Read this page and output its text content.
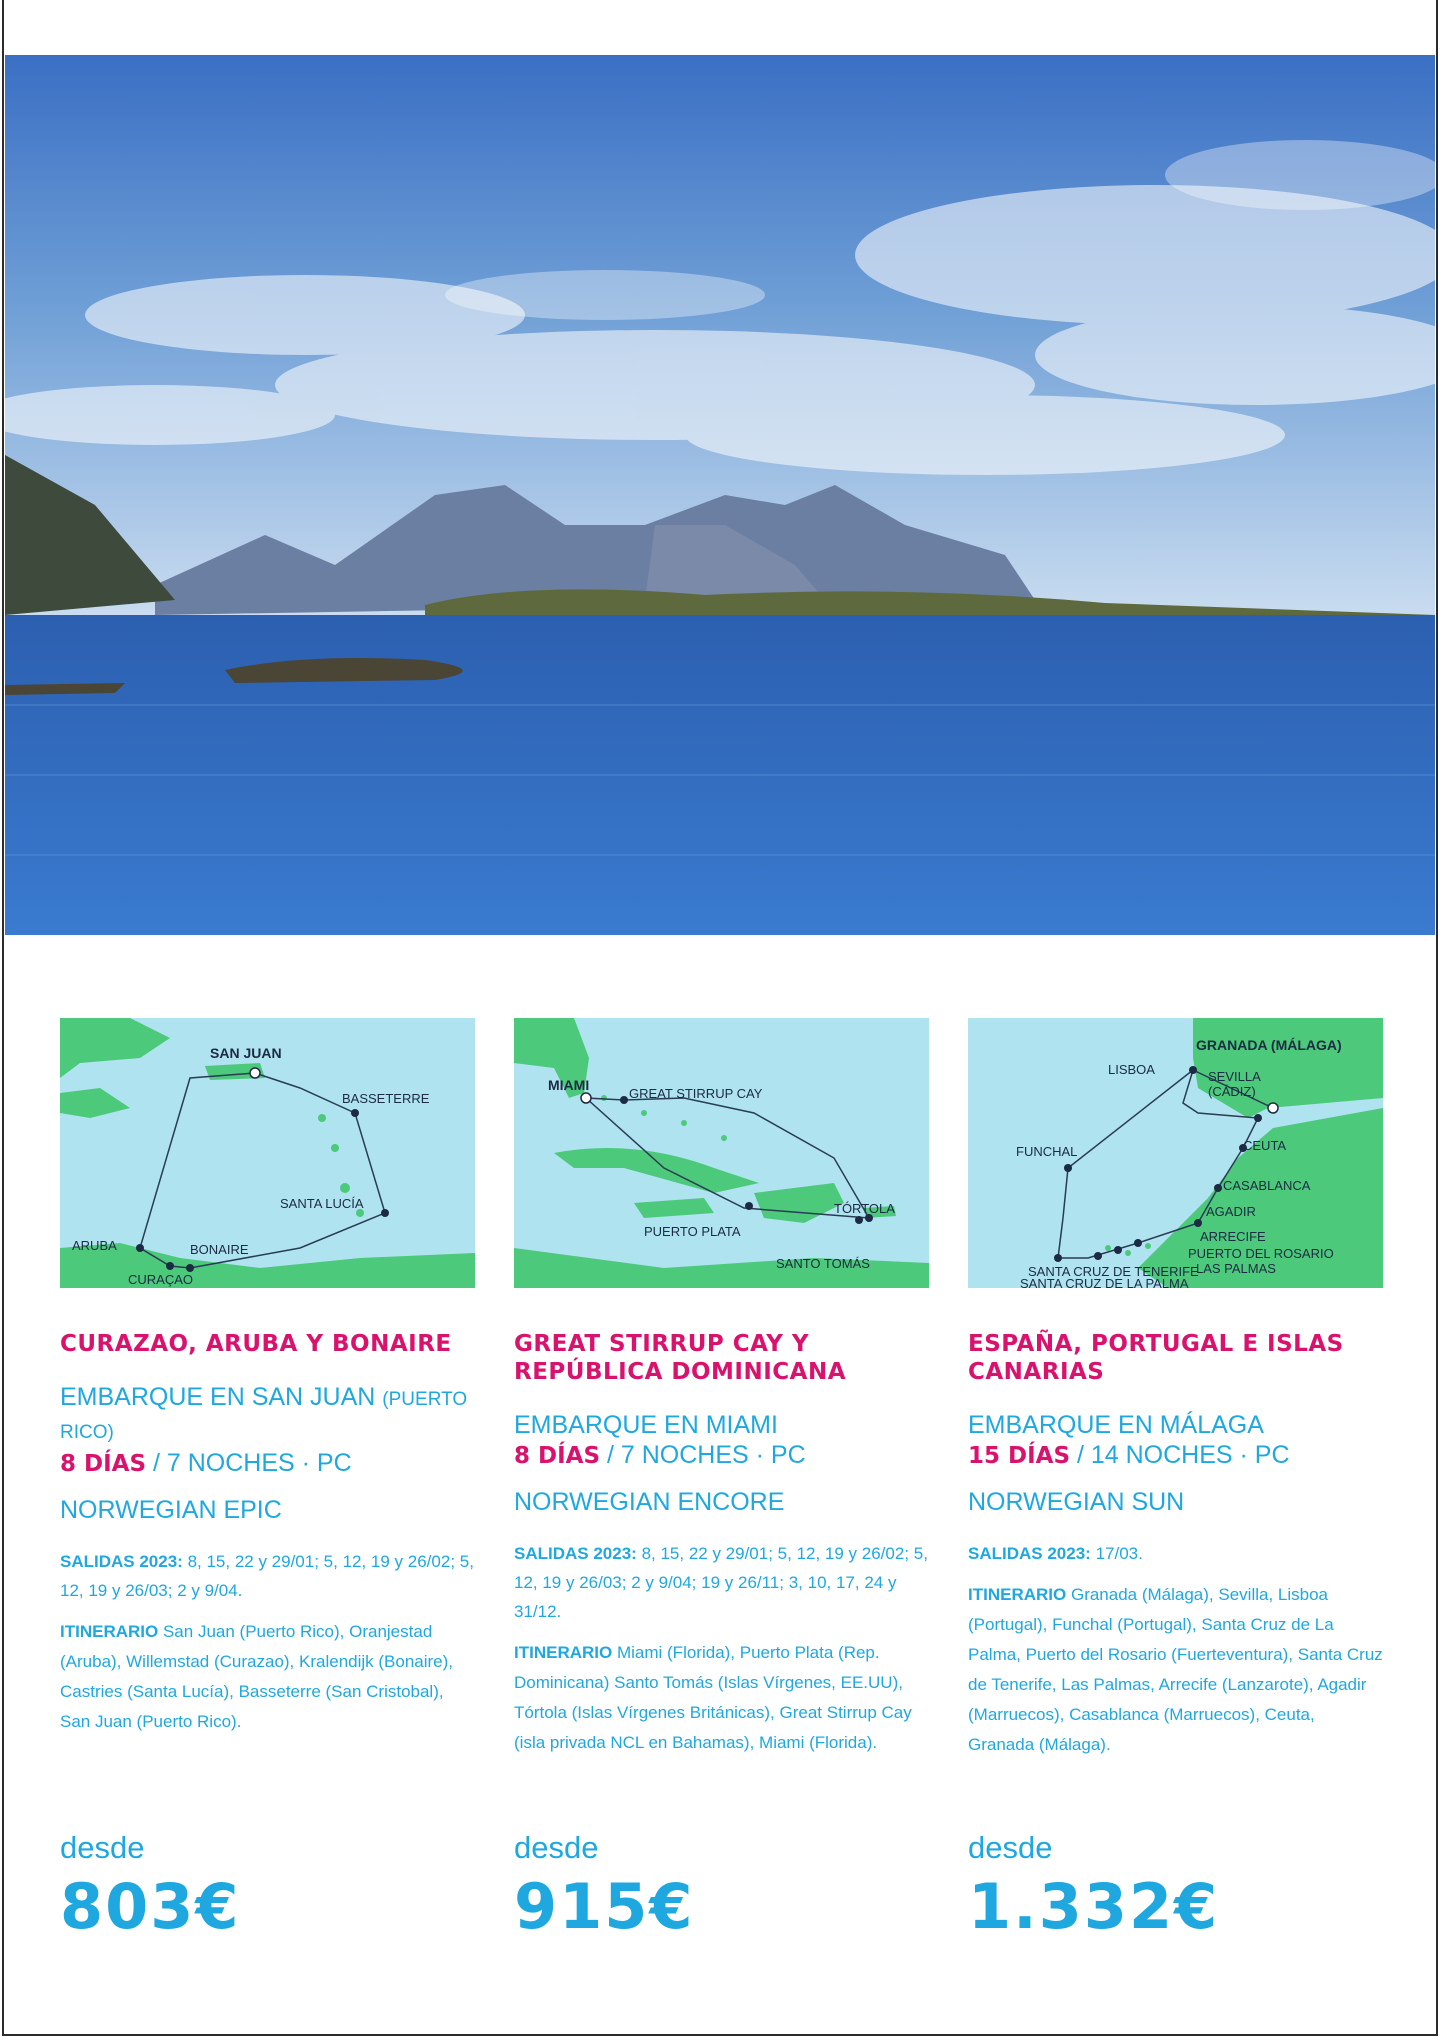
SAN JUAN
BASSETERRE
SANTA LUCÍA
ARUBA	BONAIRE
CURAÇAO
CURAZAO, ARUBA Y BONAIRE
EMBARQUE EN SAN JUAN (PUERTO RICO)
8 DÍAS / 7 NOCHES · PC
NORWEGIAN EPIC
SALIDAS 2023: 8, 15, 22 y 29/01; 5, 12, 19 y 26/02; 5, 12, 19 y 26/03; 2 y 9/04.
ITINERARIO San Juan (Puerto Rico), Oranjestad (Aruba), Willemstad (Curazao), Kralendijk (Bonaire), Castries (Santa Lucía), Basseterre (San Cristobal), San Juan (Puerto Rico).
desde
803€
MIAMI
GREAT STIRRUP CAY
TÓRTOLA
PUERTO PLATA
SANTO TOMÁS
GREAT STIRRUP CAY Y REPÚBLICA DOMINICANA
EMBARQUE EN MIAMI
8 DÍAS / 7 NOCHES · PC
NORWEGIAN ENCORE
SALIDAS 2023: 8, 15, 22 y 29/01; 5, 12, 19 y 26/02; 5, 12, 19 y 26/03; 2 y 9/04; 19 y 26/11; 3, 10, 17, 24 y 31/12.
ITINERARIO Miami (Florida), Puerto Plata (Rep. Dominicana) Santo Tomás (Islas Vírgenes, EE.UU), Tórtola (Islas Vírgenes Británicas), Great Stirrup Cay (isla privada NCL en Bahamas), Miami (Florida).
desde
915€
GRANADA (MÁLAGA)
LISBOA	SEVILLA
(CÁDIZ)
CEUTA
FUNCHAL
CASABLANCA
AGADIR
ARRECIFE
PUERTO DEL ROSARIO
LAS PALMAS
SANTA CRUZ DE TENERIFE
SANTA CRUZ DE LA PALMA
ESPAÑA, PORTUGAL E ISLAS CANARIAS
EMBARQUE EN MÁLAGA
15 DÍAS / 14 NOCHES · PC
NORWEGIAN SUN
SALIDAS 2023: 17/03.
ITINERARIO Granada (Málaga), Sevilla, Lisboa (Portugal), Funchal (Portugal), Santa Cruz de La Palma, Puerto del Rosario (Fuerteventura), Santa Cruz de Tenerife, Las Palmas, Arrecife (Lanzarote), Agadir (Marruecos), Casablanca (Marruecos), Ceuta, Granada (Málaga).
desde
1.332€
